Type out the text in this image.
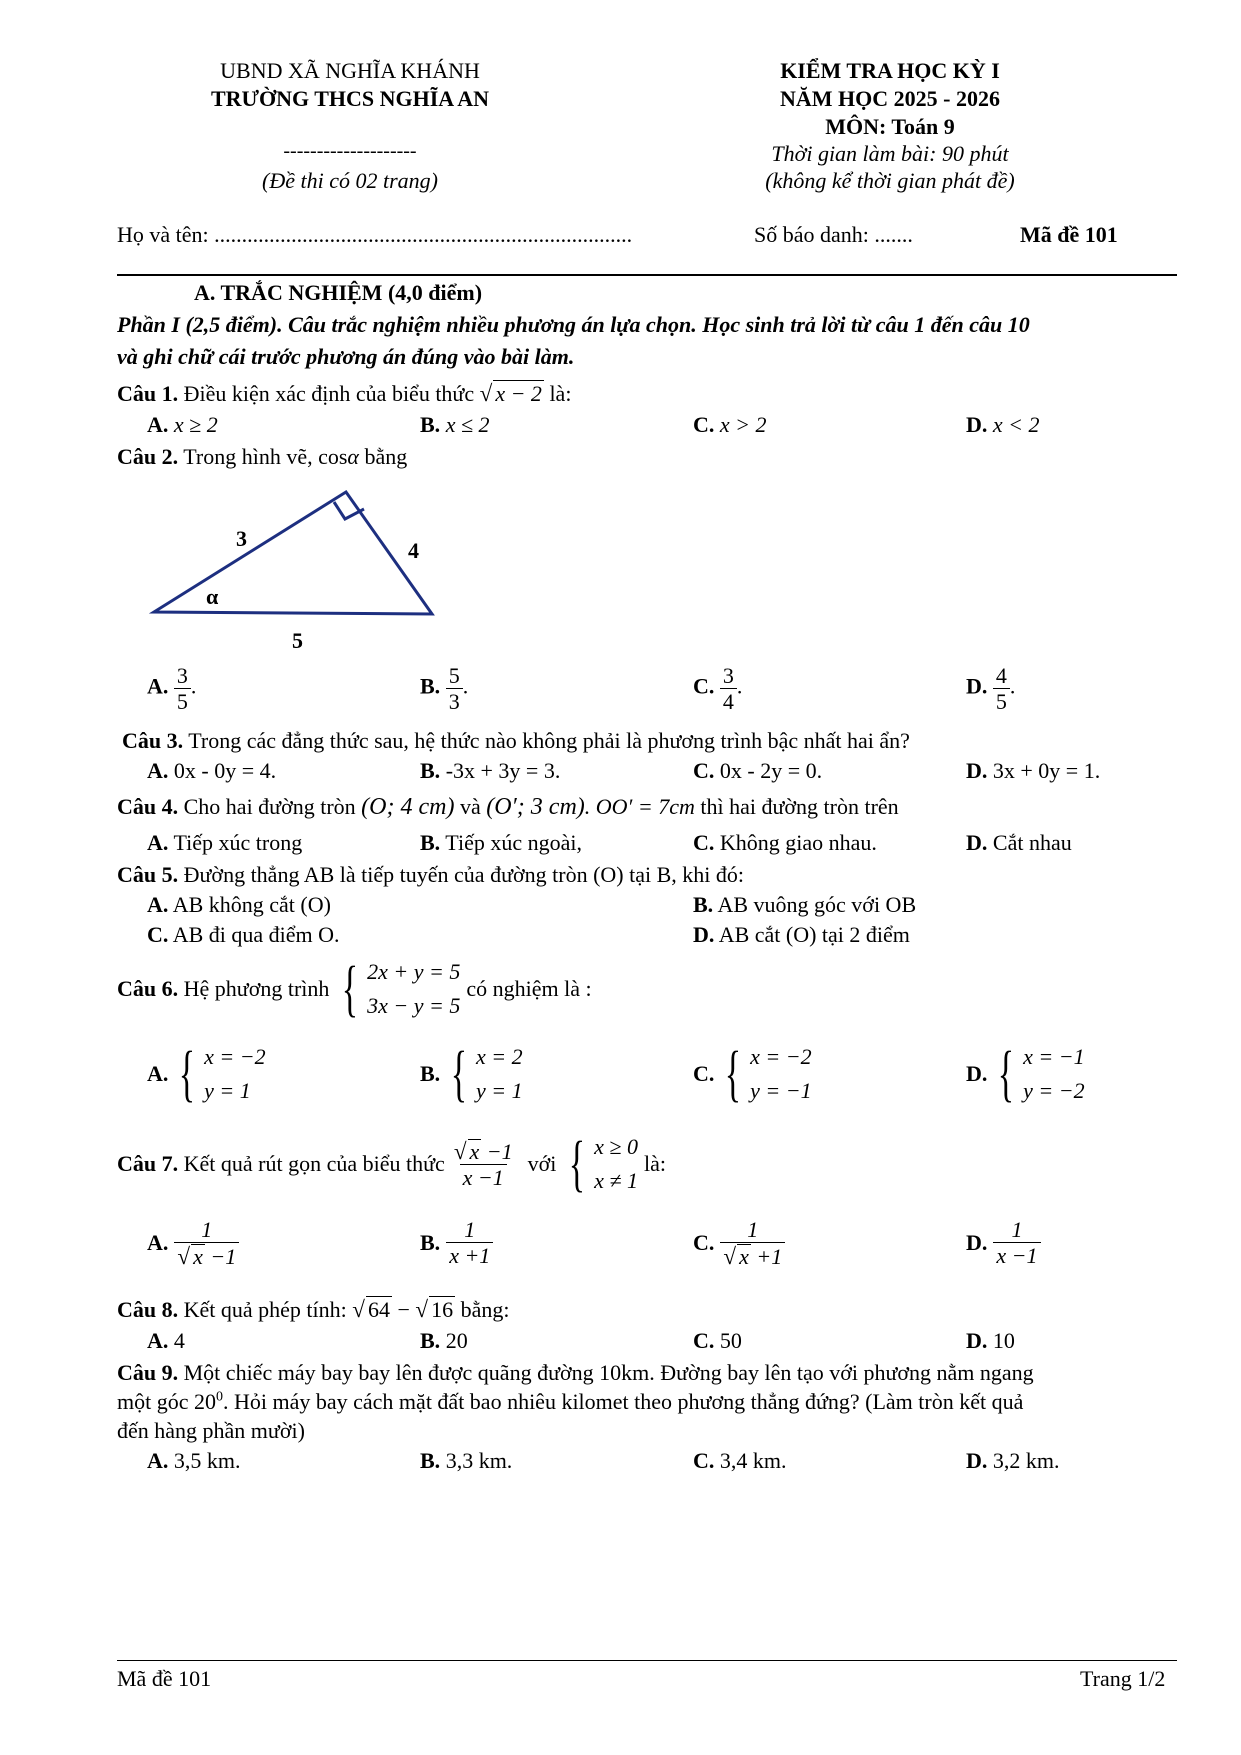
UBND XÃ NGHĨA KHÁNH
TRƯỜNG THCS NGHĨA AN
--------------------
(Đề thi có 02 trang)
KIỂM TRA HỌC KỲ I
NĂM HỌC 2025 - 2026
MÔN: Toán 9
Thời gian làm bài: 90 phút
(không kể thời gian phát đề)
Họ và tên: ............................................................................	Số báo danh: .......	Mã đề 101
A. TRẮC NGHIỆM (4,0 điểm)
Phần I (2,5 điểm). Câu trắc nghiệm nhiều phương án lựa chọn. Học sinh trả lời từ câu 1 đến câu 10
và ghi chữ cái trước phương án đúng vào bài làm.
Câu 1. Điều kiện xác định của biểu thức √ x − 2 là:
A. x ≥ 2	B. x ≤ 2	C. x > 2	D. x < 2
Câu 2. Trong hình vẽ, cosα bằng
3	4
α
5
A. $\frac{3}{5}$ .	B. $\frac{5}{3}$ .	C. $\frac{3}{4}$ .	D. $\frac{4}{5}$ .
Câu 3. Trong các đẳng thức sau, hệ thức nào không phải là phương trình bậc nhất hai ẩn?
A. 0x - 0y = 4.	B. -3x + 3y = 3.	C. 0x - 2y = 0.	D. 3x + 0y = 1.
Câu 4. Cho hai đường tròn (O; 4 cm) và (O′; 3 cm). OO′ = 7cm thì hai đường tròn trên
A. Tiếp xúc trong	B. Tiếp xúc ngoài,	C. Không giao nhau.	D. Cắt nhau
Câu 5. Đường thẳng AB là tiếp tuyến của đường tròn (O) tại B, khi đó:
A. AB không cắt (O)	B. AB vuông góc với OB
C. AB đi qua điểm O.	D. AB cắt (O) tại 2 điểm
Câu 6. Hệ phương trình { 2x + y = 5
3x − y = 5
có nghiệm là :
A. { x = −2
y = 1
B. { x = 2
y = 1
C. { x = −2
y = −1
D. { x = −1
y = −2
Câu 7. Kết quả rút gọn của biểu thức $\frac{√ x -1}{x -1}$ với { x ≥ 0
x ≠ 1
là:
A. $\frac{1}{√ x -1}$	B. $\frac{1}{x +1}$	C. $\frac{1}{√ x +1}$	D. $\frac{1}{x -1}$
Câu 8. Kết quả phép tính: √ 64 − √ 16 bằng:
A. 4	B. 20	C. 50	D. 10
Câu 9. Một chiếc máy bay bay lên được quãng đường 10km. Đường bay lên tạo với phương nằm ngang
một góc $20^0$. Hỏi máy bay cách mặt đất bao nhiêu kilomet theo phương thẳng đứng? (Làm tròn kết quả
đến hàng phần mười)
A. 3,5 km.	B. 3,3 km.	C. 3,4 km.	D. 3,2 km.
Mã đề 101	Trang 1/2
